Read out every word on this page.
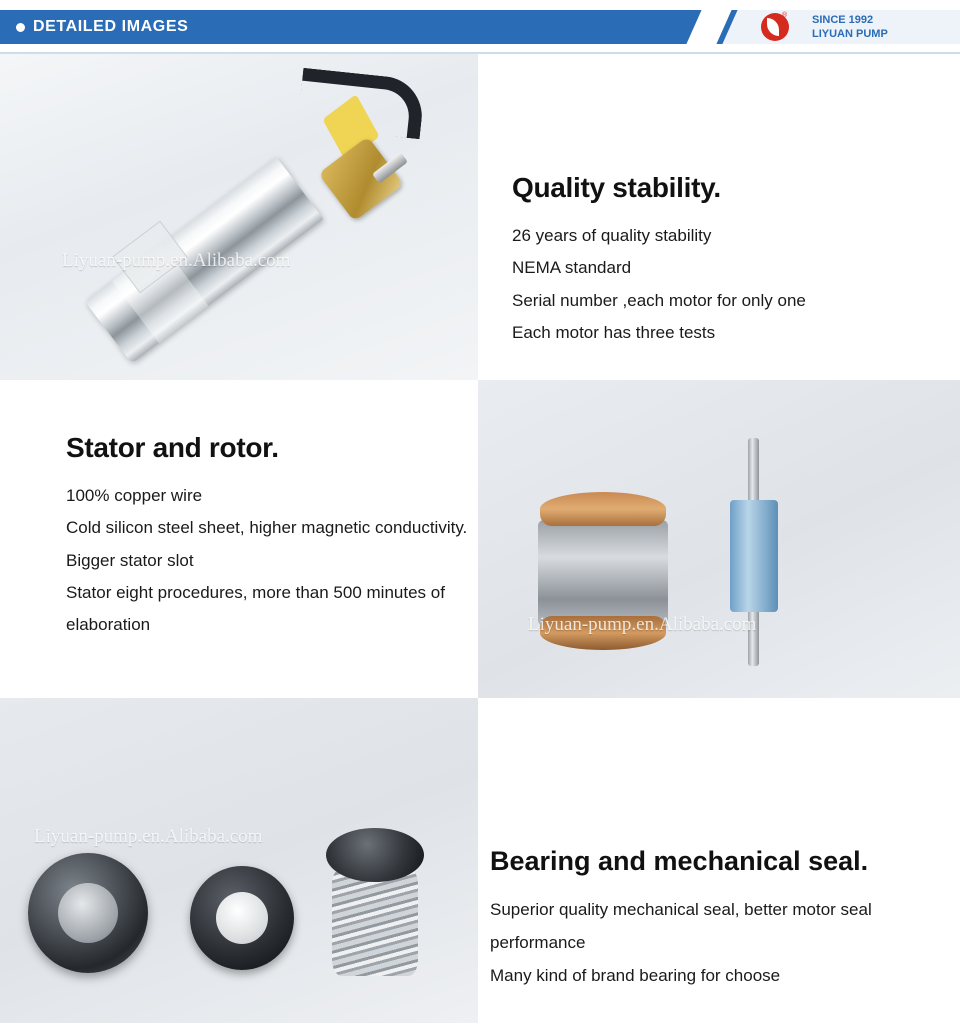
DETAILED IMAGES
® SINCE 1992
LIYUAN PUMP
Liyuan-pump.en.Alibaba.com
Quality stability.
26 years of quality stability
NEMA standard
Serial number ,each motor for only one
Each motor has three tests
Liyuan-pump.en.Alibaba.com
Stator and rotor.
100% copper wire
Cold silicon steel sheet, higher magnetic conductivity.
Bigger stator slot
Stator eight procedures, more than 500 minutes of elaboration
Liyuan-pump.en.Alibaba.com
Bearing and mechanical seal.
Superior quality mechanical seal, better motor seal performance
Many kind of brand bearing for choose
